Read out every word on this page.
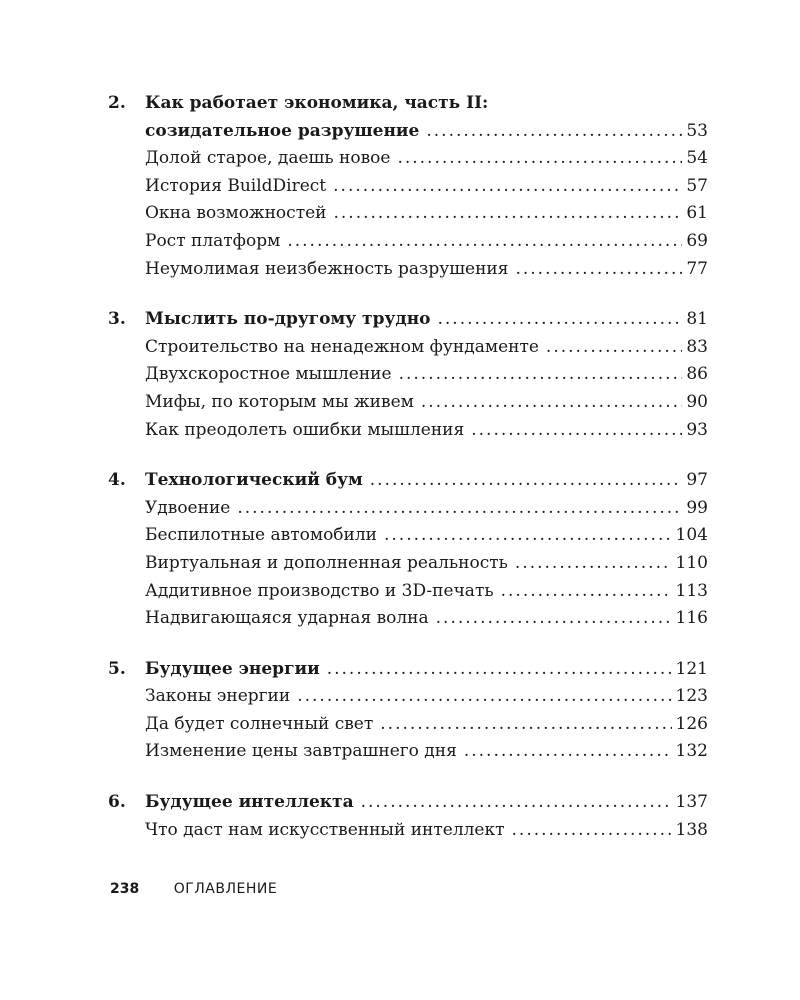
2.	Как работает экономика, часть II:
созидательное разрушение .....	53
Долой старое, даешь новое .....	54
История BuildDirect .....	57
Окна возможностей .....	61
Рост платформ .....	69
Неумолимая неизбежность разрушения .....	77
3.	Мыслить по-другому трудно .....	81
Строительство на ненадежном фундаменте .....	83
Двухскоростное мышление .....	86
Мифы, по которым мы живем .....	90
Как преодолеть ошибки мышления .....	93
4.	Технологический бум .....	97
Удвоение .....	99
Беспилотные автомобили .....	104
Виртуальная и дополненная реальность .....	110
Аддитивное производство и 3D-печать .....	113
Надвигающаяся ударная волна .....	116
5.	Будущее энергии .....	121
Законы энергии .....	123
Да будет солнечный свет .....	126
Изменение цены завтрашнего дня .....	132
6.	Будущее интеллекта .....	137
Что даст нам искусственный интеллект .....	138
238 ОГЛАВЛЕНИЕ
